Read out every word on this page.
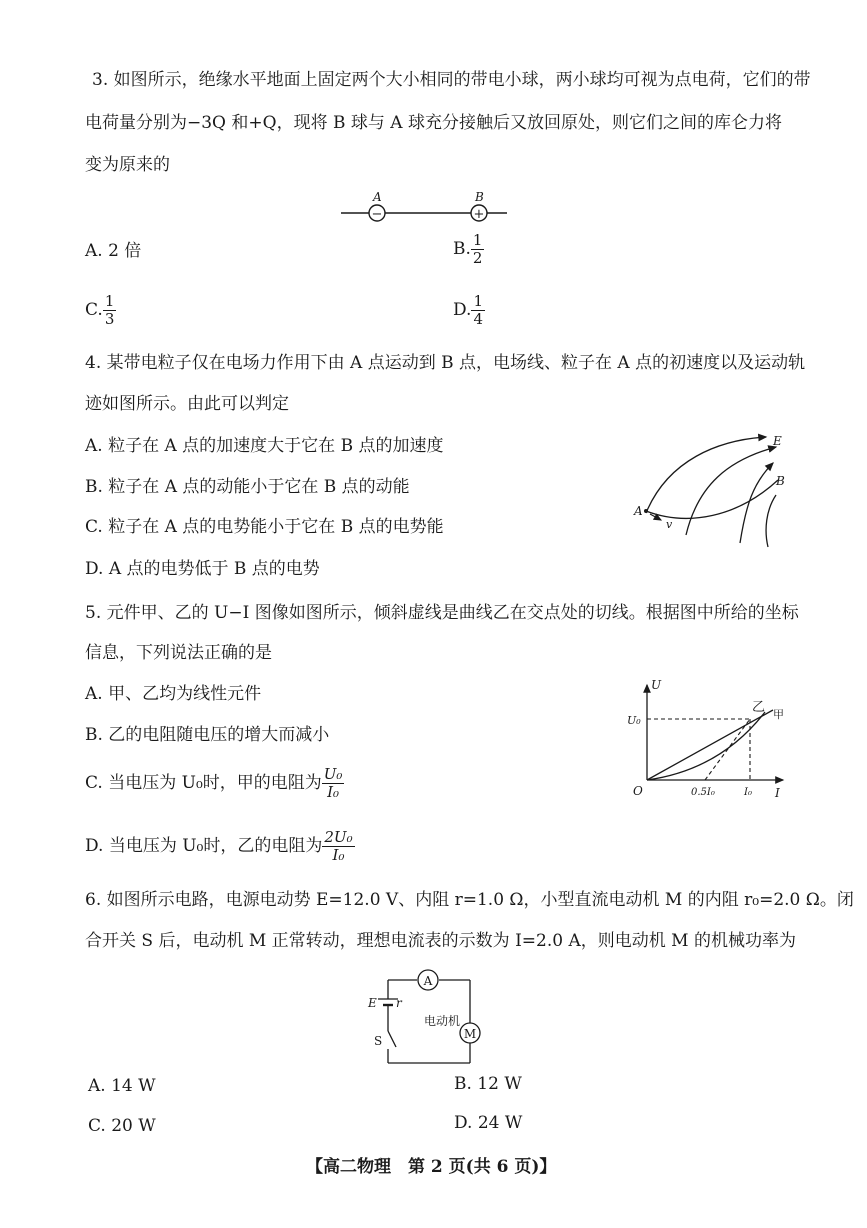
3. 如图所示，绝缘水平地面上固定两个大小相同的带电小球，两小球均可视为点电荷，它们的带
电荷量分别为−3Q 和+Q，现将 B 球与 A 球充分接触后又放回原处，则它们之间的库仑力将
变为原来的
−	+
A	B
A. 2 倍	B. $\frac{1}{2}$
C. $\frac{1}{3}$	D. $\frac{1}{4}$
4. 某带电粒子仅在电场力作用下由 A 点运动到 B 点，电场线、粒子在 A 点的初速度以及运动轨
迹如图所示。由此可以判定
A. 粒子在 A 点的加速度大于它在 B 点的加速度
B. 粒子在 A 点的动能小于它在 B 点的动能
C. 粒子在 A 点的电势能小于它在 B 点的电势能
D. A 点的电势低于 B 点的电势
E
B
A
v
5. 元件甲、乙的 U−I 图像如图所示，倾斜虚线是曲线乙在交点处的切线。根据图中所给的坐标
信息，下列说法正确的是
A. 甲、乙均为线性元件
B. 乙的电阻随电压的增大而减小
C. 当电压为 U₀时，甲的电阻为 $\frac{\text{U₀}}{\text{I₀}}$
D. 当电压为 U₀时，乙的电阻为 $\frac{\text{2U₀}}{\text{I₀}}$
U
I
O
U₀
0.5I₀	I₀
乙 甲
6. 如图所示电路，电源电动势 E=12.0 V、内阻 r=1.0 Ω，小型直流电动机 M 的内阻 r₀=2.0 Ω。闭
合开关 S 后，电动机 M 正常转动，理想电流表的示数为 I=2.0 A，则电动机 M 的机械功率为
A
M
E r
S
电动机
A. 14 W	B. 12 W
C. 20 W	D. 24 W
【高二物理　第 2 页(共 6 页)】
